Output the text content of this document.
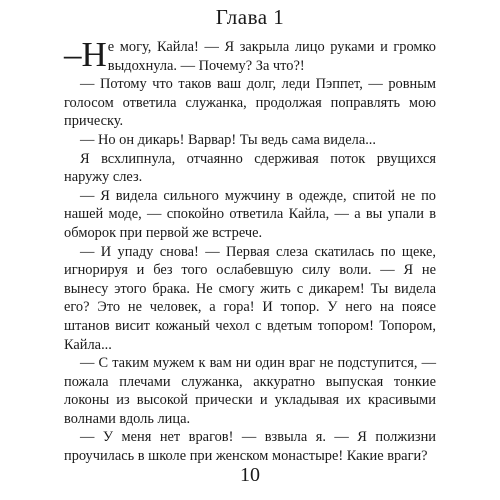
Глава 1

–Н е могу, Кайла! — Я закрыла лицо руками и громко выдохнула. — Почему? За что?!

— Потому что таков ваш долг, леди Пэппет, — ровным голосом ответила служанка, продолжая поправлять мою прическу.

— Но он дикарь! Варвар! Ты ведь сама видела...

Я всхлипнула, отчаянно сдерживая поток рвущихся наружу слез.

— Я видела сильного мужчину в одежде, спитой не по нашей моде, — спокойно ответила Кайла, — а вы упали в обморок при первой же встрече.

— И упаду снова! — Первая слеза скатилась по щеке, игнорируя и без того ослабевшую силу воли. — Я не вынесу этого брака. Не смогу жить с дикарем! Ты видела его? Это не человек, а гора! И топор. У него на поясе штанов висит кожаный чехол с вдетым топором! Топором, Кайла...

— С таким мужем к вам ни один враг не подступится, — пожала плечами служанка, аккуратно выпуская тонкие локоны из высокой прически и укладывая их красивыми волнами вдоль лица.

— У меня нет врагов! — взвыла я. — Я полжизни проучилась в школе при женском монастыре! Какие враги?

10
